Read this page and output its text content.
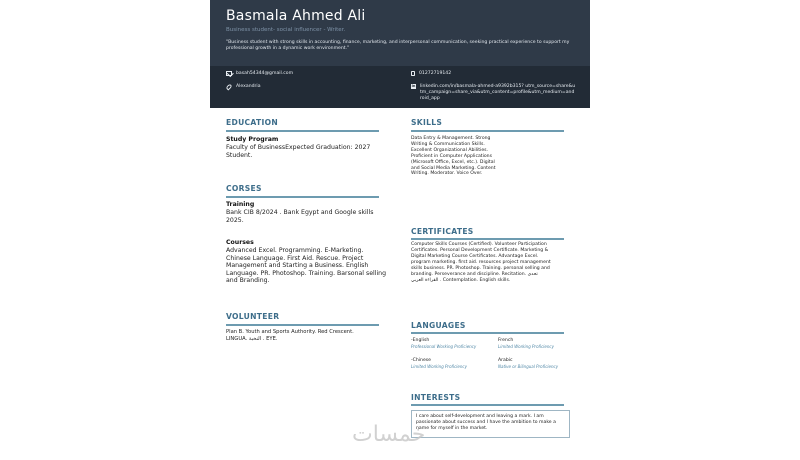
Basmala Ahmed Ali
Business student- social influencer - Writer.
"Business student with strong skills in accounting, finance, marketing, and interpersonal communication, seeking practical experience to support my professional growth in a dynamic work environment."
basah54344@gmail.com	01272719142
Alexandria	in linkedin.com/in/basmala-ahmed-a9392b315? utm_source=share&utm_campaign=share_via&utm_content=profile&utm_medium=android_app
EDUCATION
Study Program
Faculty of BusinessExpected Graduation: 2027 Student.
CORSES
Training
Bank CIB 8/2024 . Bank Egypt and Google skills 2025.
Courses
Advanced Excel. Programming. E-Marketing. Chinese Language. First Aid. Rescue. Project Management and Starting a Business. English Language. PR. Photoshop. Training. Barsonal selling and Branding.
VOLUNTEER
Plan B. Youth and Sports Authority. Red Crescent. LINGUA. النخبة . EYE.
SKILLS
Data Entry & Management. Strong Writing & Communication Skills. Excellent Organizational Abilities. Proficient in Computer Applications (Microsoft Office, Excel, etc.). Digital and Social Media Marketing. Content Writing. Moderator. Voice Over.
CERTIFICATES
Computer Skills Courses (Certified). Volunteer Participation Certificates. Personal Development Certificate. Marketing & Digital Marketing Course Certificates. Advantage Excel. program marketing. first aid. resources project management skills business. PR. Photoshop. Training. personal selling and branding. Perseverance and discipline. Recitation. تحدي القراءة العربي . Contemplation. English skills.
LANGUAGES
-English
Professional Working Proficiency
French
Limited Working Proficiency
-Chinese
Limited Working Proficiency
Arabic
Native or Bilingual Proficiency
INTERESTS
I care about self-development and leaving a mark. I am passionate about success and I have the ambition to make a name for myself in the market.
خمسات
